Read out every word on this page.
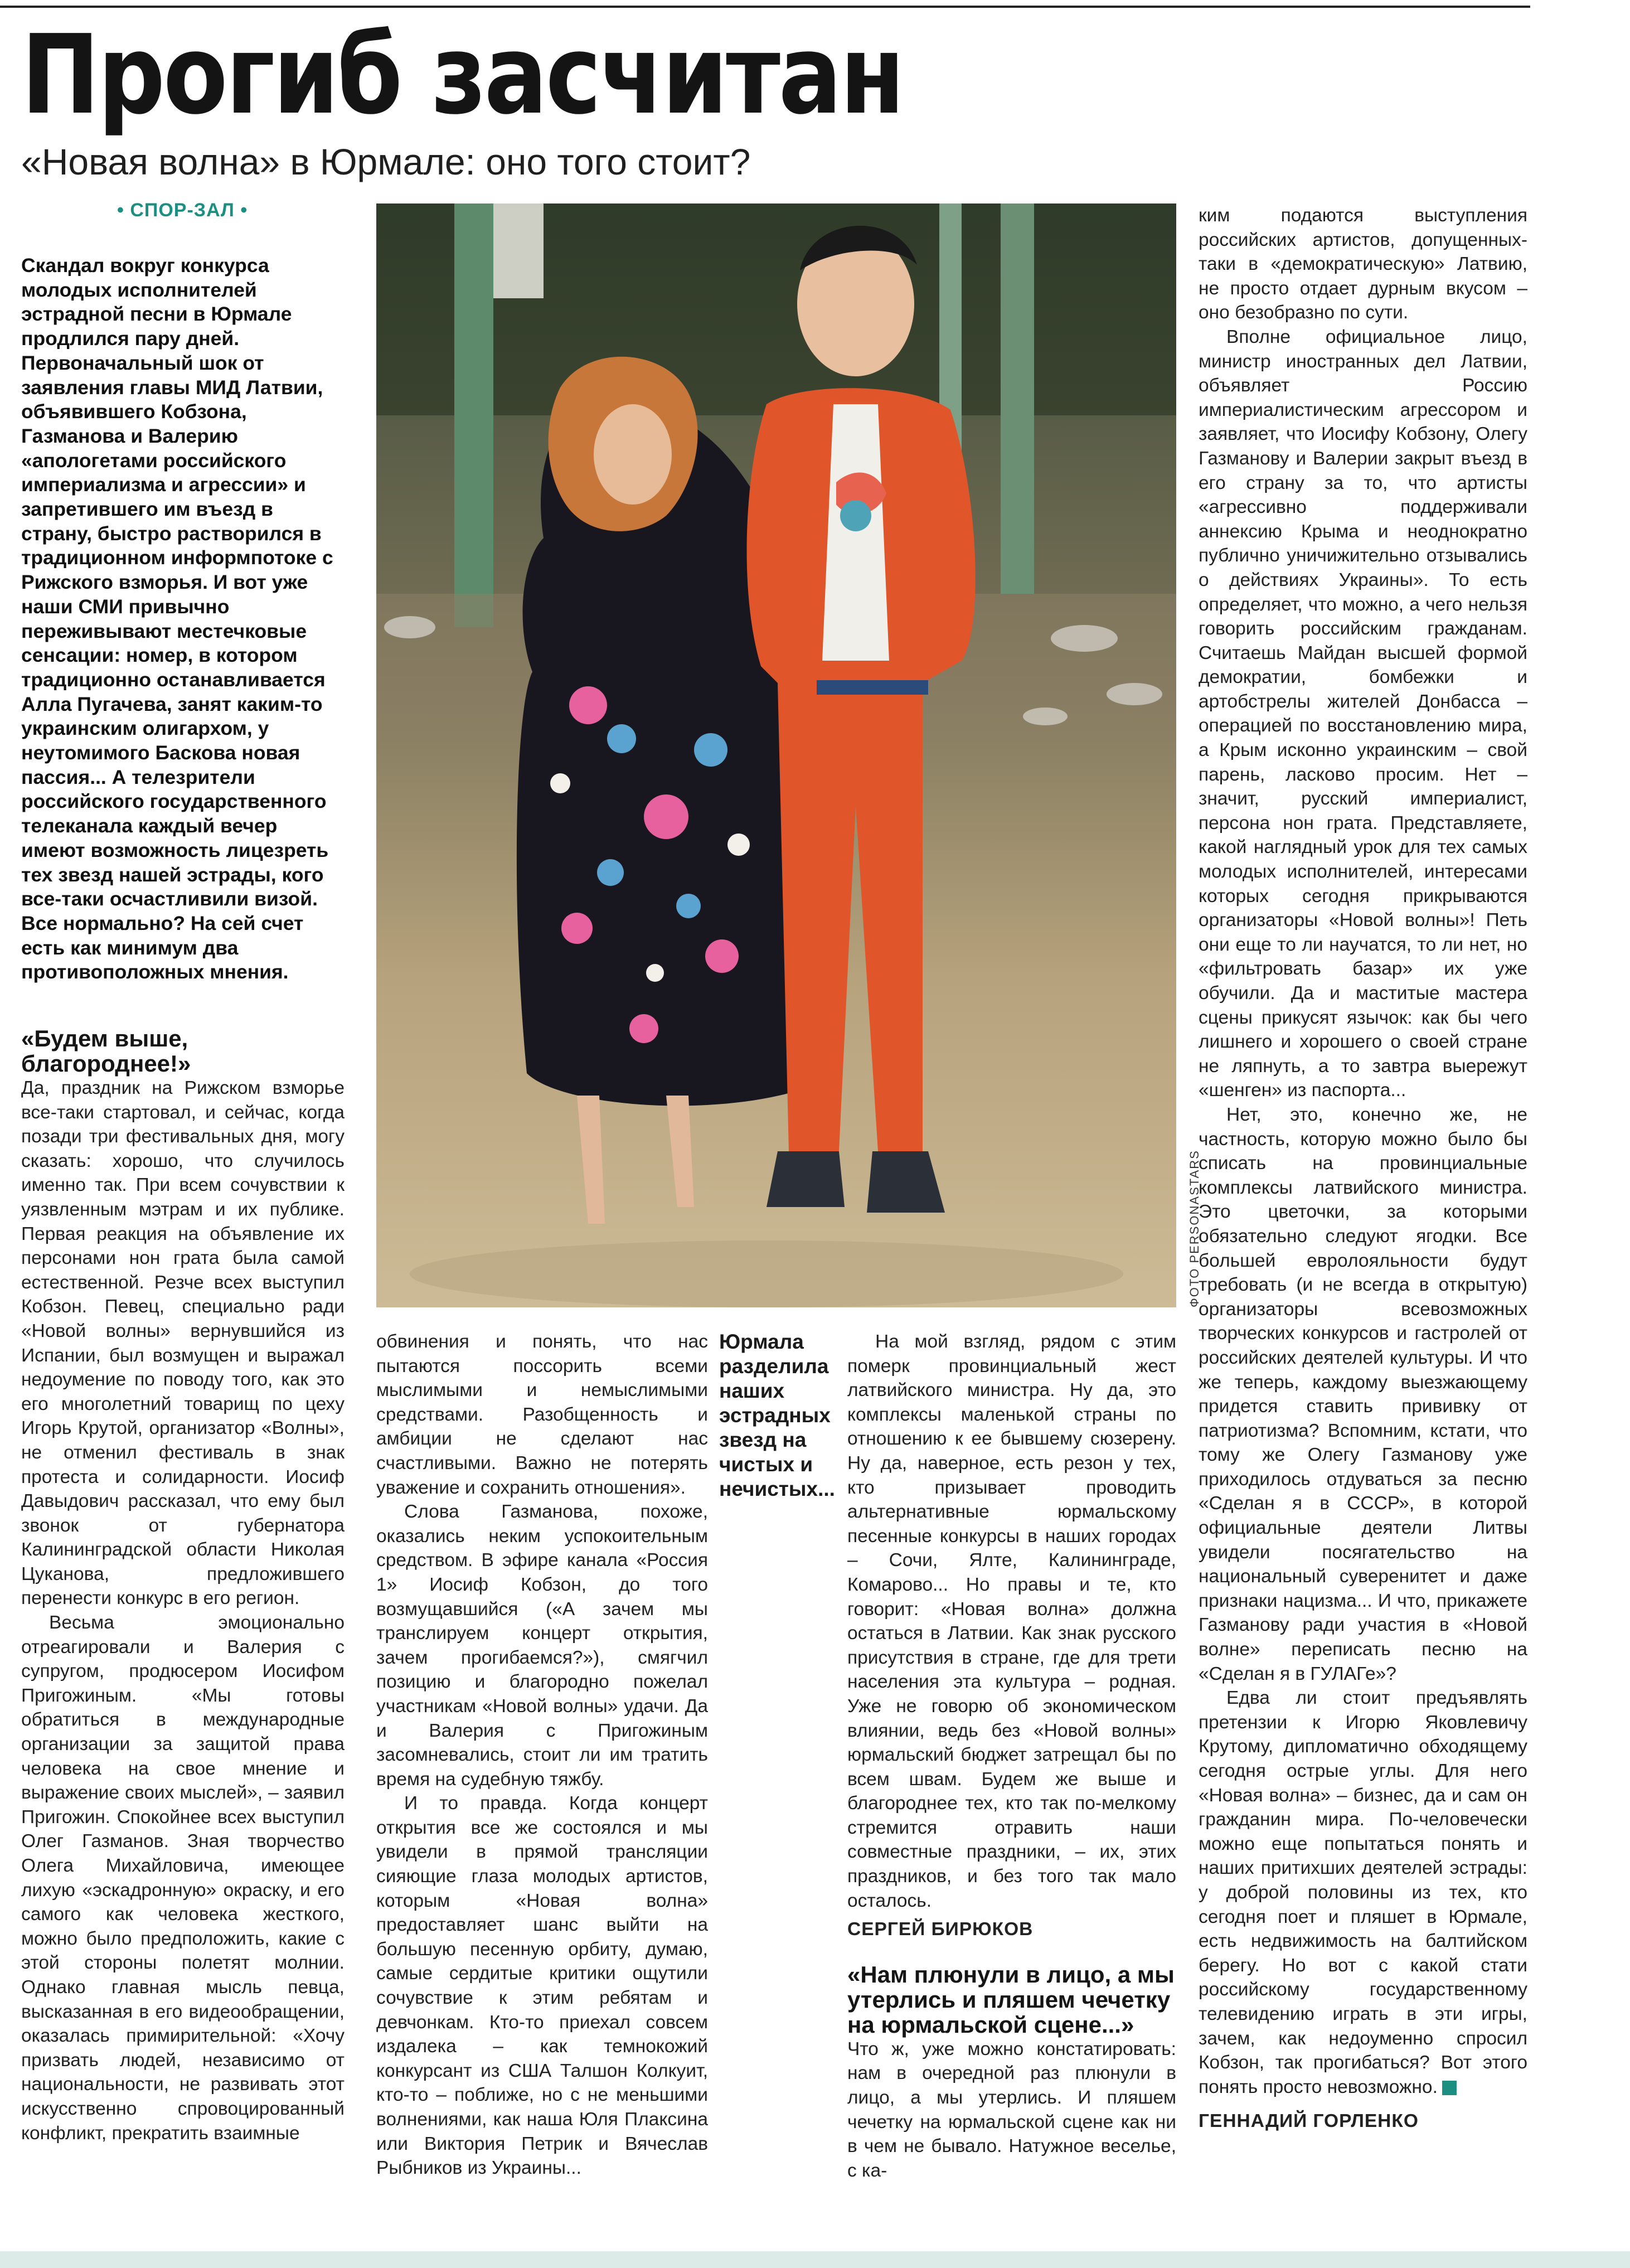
Прогиб засчитан
«Новая волна» в Юрмале: оно того стоит?
• СПОР-ЗАЛ •

Скандал вокруг конкурса молодых исполнителей эстрадной песни в Юрмале продлился пару дней. Первоначальный шок от заявления главы МИД Латвии, объявившего Кобзона, Газманова и Валерию «апологетами российского империализма и агрессии» и запретившего им въезд в страну, быстро растворился в традиционном информпотоке с Рижского взморья. И вот уже наши СМИ привычно переживывают местечковые сенсации: номер, в котором традиционно останавливается Алла Пугачева, занят каким-то украинским олигархом, у неутомимого Баскова новая пассия... А телезрители российского государственного телеканала каждый вечер имеют возможность лицезреть тех звезд нашей эстрады, кого все-таки осчастливили визой. Все нормально? На сей счет есть как минимум два противоположных мнения.

«Будем выше, благороднее!»

Да, праздник на Рижском взморье все-таки стартовал, и сейчас, когда позади три фестивальных дня, могу сказать: хорошо, что случилось именно так. При всем сочувствии к уязвленным мэтрам и их публике. Первая реакция на объявление их персонами нон грата была самой естественной. Резче всех выступил Кобзон. Певец, специально ради «Новой волны» вернувшийся из Испании, был возмущен и выражал недоумение по поводу того, как это его многолетний товарищ по цеху Игорь Крутой, организатор «Волны», не отменил фестиваль в знак протеста и солидарности. Иосиф Давыдович рассказал, что ему был звонок от губернатора Калининградской области Николая Цуканова, предложившего перенести конкурс в его регион.

Весьма эмоционально отреагировали и Валерия с супругом, продюсером Иосифом Пригожиным. «Мы готовы обратиться в международные организации за защитой права человека на свое мнение и выражение своих мыслей», – заявил Пригожин. Спокойнее всех выступил Олег Газманов. Зная творчество Олега Михайловича, имеющее лихую «эскадронную» окраску, и его самого как человека жесткого, можно было предположить, какие с этой стороны полетят молнии. Однако главная мысль певца, высказанная в его видеообращении, оказалась примирительной: «Хочу призвать людей, независимо от национальности, не развивать этот искусственно спровоцированный конфликт, прекратить взаимные

ФОТО PERSONASTARS

обвинения и понять, что нас пытаются поссорить всеми мыслимыми и немыслимыми средствами. Разобщенность и амбиции не сделают нас счастливыми. Важно не потерять уважение и сохранить отношения».

Слова Газманова, похоже, оказались неким успокоительным средством. В эфире канала «Россия 1» Иосиф Кобзон, до того возмущавшийся («А зачем мы транслируем концерт открытия, зачем прогибаемся?»), смягчил позицию и благородно пожелал участникам «Новой волны» удачи. Да и Валерия с Пригожиным засомневались, стоит ли им тратить время на судебную тяжбу.

И то правда. Когда концерт открытия все же состоялся и мы увидели в прямой трансляции сияющие глаза молодых артистов, которым «Новая волна» предоставляет шанс выйти на большую песенную орбиту, думаю, самые сердитые критики ощутили сочувствие к этим ребятам и девчонкам. Кто-то приехал совсем издалека – как темнокожий конкурсант из США Талшон Колкуит, кто-то – поближе, но с не меньшими волнениями, как наша Юля Плаксина или Виктория Петрик и Вячеслав Рыбников из Украины...

Юрмала разделила наших эстрадных звезд на чистых и нечистых...

На мой взгляд, рядом с этим померк провинциальный жест латвийского министра. Ну да, это комплексы маленькой страны по отношению к ее бывшему сюзерену. Ну да, наверное, есть резон у тех, кто призывает проводить альтернативные юрмальскому песенные конкурсы в наших городах – Сочи, Ялте, Калининграде, Комарово... Но правы и те, кто говорит: «Новая волна» должна остаться в Латвии. Как знак русского присутствия в стране, где для трети населения эта культура – родная. Уже не говорю об экономическом влиянии, ведь без «Новой волны» юрмальский бюджет затрещал бы по всем швам. Будем же выше и благороднее тех, кто так по-мелкому стремится отравить наши совместные праздники, – их, этих праздников, и без того так мало осталось.

СЕРГЕЙ БИРЮКОВ

«Нам плюнули в лицо, а мы утерлись и пляшем чечетку на юрмальской сцене...»

Что ж, уже можно констатировать: нам в очередной раз плюнули в лицо, а мы утерлись. И пляшем чечетку на юрмальской сцене как ни в чем не бывало. Натужное веселье, с ка-

ким подаются выступления российских артистов, допущенных-таки в «демократическую» Латвию, не просто отдает дурным вкусом – оно безобразно по сути.

Вполне официальное лицо, министр иностранных дел Латвии, объявляет Россию империалистическим агрессором и заявляет, что Иосифу Кобзону, Олегу Газманову и Валерии закрыт въезд в его страну за то, что артисты «агрессивно поддерживали аннексию Крыма и неоднократно публично уничижительно отзывались о действиях Украины». То есть определяет, что можно, а чего нельзя говорить российским гражданам. Считаешь Майдан высшей формой демократии, бомбежки и артобстрелы жителей Донбасса – операцией по восстановлению мира, а Крым исконно украинским – свой парень, ласково просим. Нет – значит, русский империалист, персона нон грата. Представляете, какой наглядный урок для тех самых молодых исполнителей, интересами которых сегодня прикрываются организаторы «Новой волны»! Петь они еще то ли научатся, то ли нет, но «фильтровать базар» их уже обучили. Да и маститые мастера сцены прикусят язычок: как бы чего лишнего и хорошего о своей стране не ляпнуть, а то завтра выережут «шенген» из паспорта...

Нет, это, конечно же, не частность, которую можно было бы списать на провинциальные комплексы латвийского министра. Это цветочки, за которыми обязательно следуют ягодки. Все большей евролояльности будут требовать (и не всегда в открытую) организаторы всевозможных творческих конкурсов и гастролей от российских деятелей культуры. И что же теперь, каждому выезжающему придется ставить прививку от патриотизма? Вспомним, кстати, что тому же Олегу Газманову уже приходилось отдуваться за песню «Сделан я в СССР», в которой официальные деятели Литвы увидели посягательство на национальный суверенитет и даже признаки нацизма... И что, прикажете Газманову ради участия в «Новой волне» переписать песню на «Сделан я в ГУЛАГе»?

Едва ли стоит предъявлять претензии к Игорю Яковлевичу Крутому, дипломатично обходящему сегодня острые углы. Для него «Новая волна» – бизнес, да и сам он гражданин мира. По-человечески можно еще попытаться понять и наших притихших деятелей эстрады: у доброй половины из тех, кто сегодня поет и пляшет в Юрмале, есть недвижимость на балтийском берегу. Но вот с какой стати российскому государственному телевидению играть в эти игры, зачем, как недоуменно спросил Кобзон, так прогибаться? Вот этого понять просто невозможно.	Т

ГЕННАДИЙ ГОРЛЕНКО
